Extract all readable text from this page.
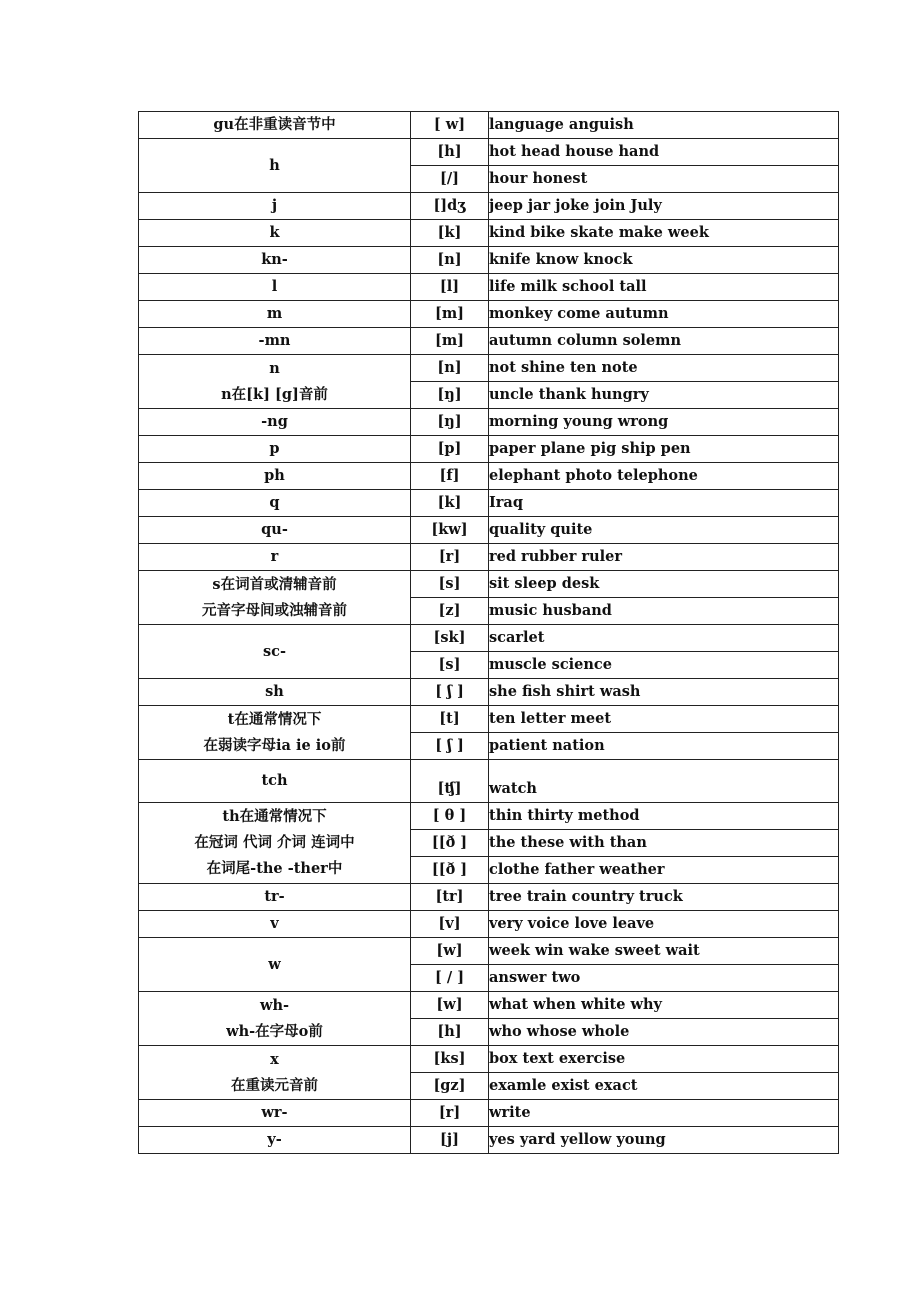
gu在非重读音节中	[ w]	language anguish

h	[h]	hot head house hand
	[/]	hour honest

j	[]dʒ	jeep jar joke join July

k	[k]	kind bike skate make week

kn-	[n]	knife know knock

l	[l]	life milk school tall

m	[m]	monkey come autumn

-mn	[m]	autumn column solemn

n
n在[k] [g]音前	[n]	not shine ten note
	[ŋ]	uncle thank hungry

-ng	[ŋ]	morning young wrong

p	[p]	paper plane pig ship pen

ph	[f]	elephant photo telephone

q	[k]	Iraq

qu-	[kw]	quality quite

r	[r]	red rubber ruler

s在词首或清辅音前
元音字母间或浊辅音前	[s]	sit sleep desk
	[z]	music husband

sc-	[sk]	scarlet
	[s]	muscle science

sh	[ ʃ ]	she fish shirt wash

t在通常情况下
在弱读字母ia ie io前	[t]	ten letter meet
	[ ʃ ]	patient nation

tch	[ʧ]	watch

th在通常情况下
在冠词 代词 介词 连词中
在词尾-the -ther中	[ θ ]	thin thirty method
	[[ð ]	the these with than
	[[ð ]	clothe father weather

tr-	[tr]	tree train country truck

v	[v]	very voice love leave

w	[w]	week win wake sweet wait
	[ / ]	answer two

wh-
wh-在字母o前	[w]	what when white why
	[h]	who whose whole

x
在重读元音前	[ks]	box text exercise
	[gz]	examle exist exact

wr-	[r]	write

y-	[j]	yes yard yellow young
